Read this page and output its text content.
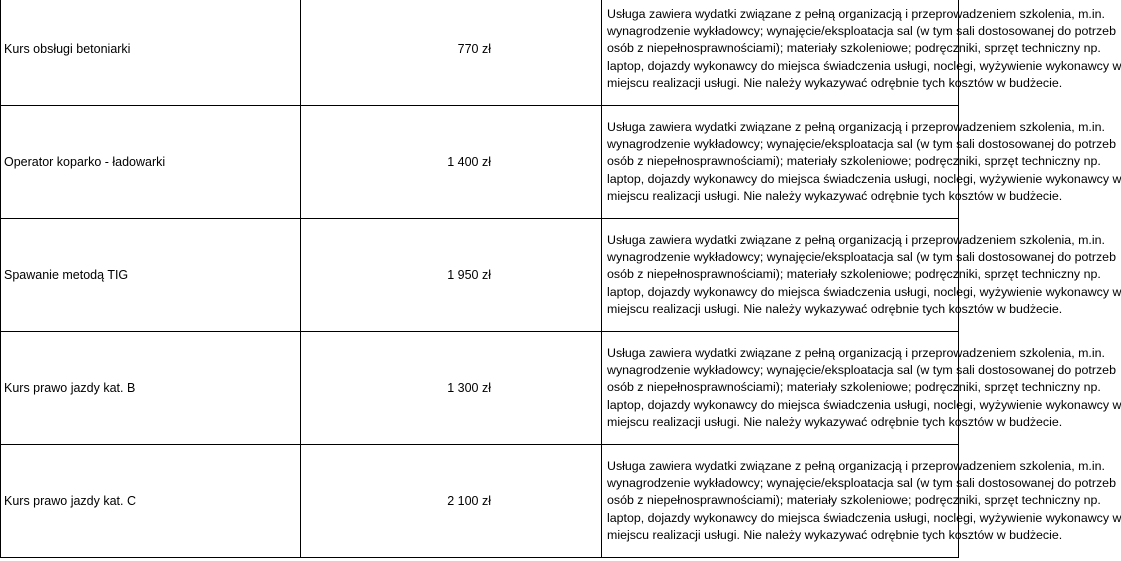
Kurs obsługi betoniarki	770 zł	Usługa zawiera wydatki związane z pełną organizacją i przeprowadzeniem szkolenia, m.in.
wynagrodzenie wykładowcy; wynajęcie/eksploatacja sal (w tym sali dostosowanej do potrzeb
osób z niepełnosprawnościami); materiały szkoleniowe; podręczniki, sprzęt techniczny np.
laptop, dojazdy wykonawcy do miejsca świadczenia usługi, noclegi, wyżywienie wykonawcy w
miejscu realizacji usługi. Nie należy wykazywać odrębnie tych kosztów w budżecie.

Operator koparko - ładowarki	1 400 zł	Usługa zawiera wydatki związane z pełną organizacją i przeprowadzeniem szkolenia, m.in.
wynagrodzenie wykładowcy; wynajęcie/eksploatacja sal (w tym sali dostosowanej do potrzeb
osób z niepełnosprawnościami); materiały szkoleniowe; podręczniki, sprzęt techniczny np.
laptop, dojazdy wykonawcy do miejsca świadczenia usługi, noclegi, wyżywienie wykonawcy w
miejscu realizacji usługi. Nie należy wykazywać odrębnie tych kosztów w budżecie.

Spawanie metodą TIG	1 950 zł	Usługa zawiera wydatki związane z pełną organizacją i przeprowadzeniem szkolenia, m.in.
wynagrodzenie wykładowcy; wynajęcie/eksploatacja sal (w tym sali dostosowanej do potrzeb
osób z niepełnosprawnościami); materiały szkoleniowe; podręczniki, sprzęt techniczny np.
laptop, dojazdy wykonawcy do miejsca świadczenia usługi, noclegi, wyżywienie wykonawcy w
miejscu realizacji usługi. Nie należy wykazywać odrębnie tych kosztów w budżecie.

Kurs prawo jazdy kat. B	1 300 zł	Usługa zawiera wydatki związane z pełną organizacją i przeprowadzeniem szkolenia, m.in.
wynagrodzenie wykładowcy; wynajęcie/eksploatacja sal (w tym sali dostosowanej do potrzeb
osób z niepełnosprawnościami); materiały szkoleniowe; podręczniki, sprzęt techniczny np.
laptop, dojazdy wykonawcy do miejsca świadczenia usługi, noclegi, wyżywienie wykonawcy w
miejscu realizacji usługi. Nie należy wykazywać odrębnie tych kosztów w budżecie.

Kurs prawo jazdy kat. C	2 100 zł	Usługa zawiera wydatki związane z pełną organizacją i przeprowadzeniem szkolenia, m.in.
wynagrodzenie wykładowcy; wynajęcie/eksploatacja sal (w tym sali dostosowanej do potrzeb
osób z niepełnosprawnościami); materiały szkoleniowe; podręczniki, sprzęt techniczny np.
laptop, dojazdy wykonawcy do miejsca świadczenia usługi, noclegi, wyżywienie wykonawcy w
miejscu realizacji usługi. Nie należy wykazywać odrębnie tych kosztów w budżecie.
